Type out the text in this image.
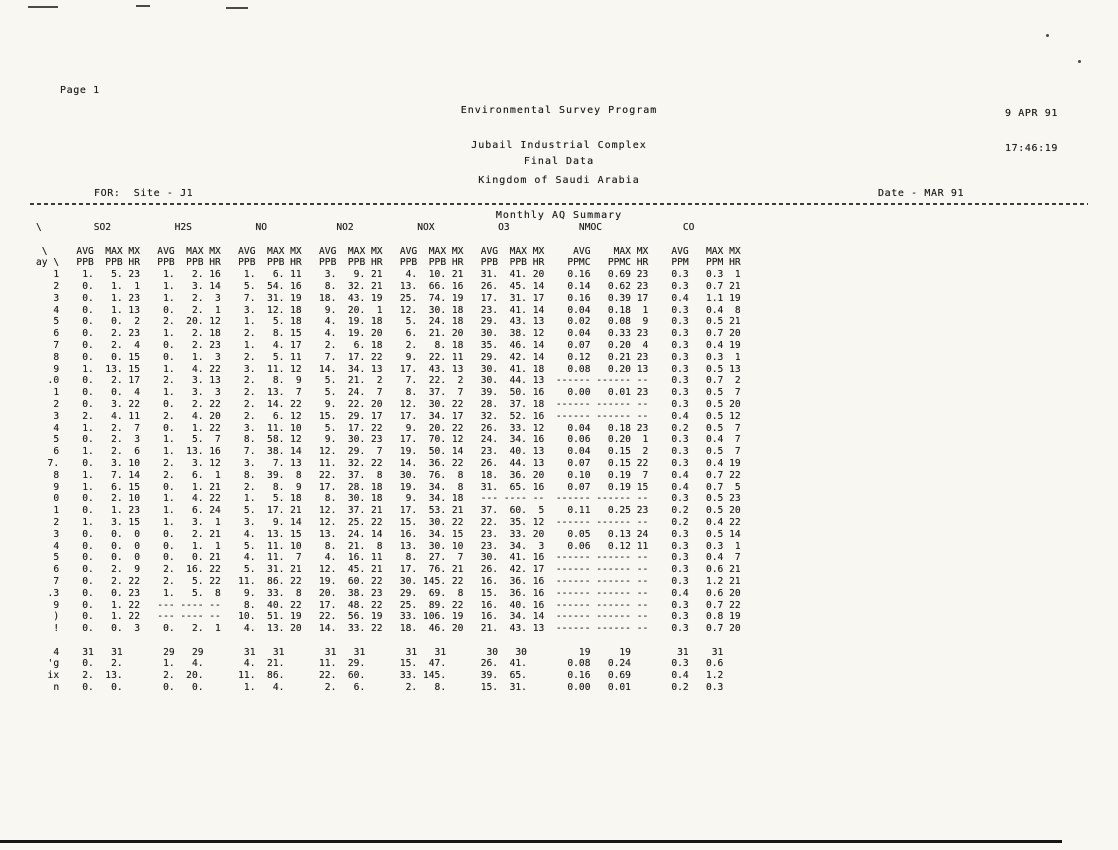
Page 1

Environmental Survey Program

Jubail Industrial Complex

Kingdom of Saudi Arabia

Monthly AQ Summary

9 APR 91

17:46:19

Final Data
FOR:  Site - J1	Date - MAR 91
\         SO2           H2S           NO            NO2           NOX           O3            NMOC              CO

\     AVG  MAX MX   AVG  MAX MX   AVG  MAX MX   AVG  MAX MX   AVG  MAX MX   AVG  MAX MX     AVG    MAX MX    AVG   MAX MX
ay \   PPB  PPB HR   PPB  PPB HR   PPB  PPB HR   PPB  PPB HR   PPB  PPB HR   PPB  PPB HR    PPMC   PPMC HR    PPM   PPM HR
1    1.   5. 23    1.   2. 16    1.   6. 11    3.   9. 21    4.  10. 21   31.  41. 20    0.16   0.69 23    0.3   0.3  1
2    0.   1.  1    1.   3. 14    5.  54. 16    8.  32. 21   13.  66. 16   26.  45. 14    0.14   0.62 23    0.3   0.7 21
3    0.   1. 23    1.   2.  3    7.  31. 19   18.  43. 19   25.  74. 19   17.  31. 17    0.16   0.39 17    0.4   1.1 19
4    0.   1. 13    0.   2.  1    3.  12. 18    9.  20.  1   12.  30. 18   23.  41. 14    0.04   0.18  1    0.3   0.4  8
5    0.   0.  2    2.  20. 12    1.   5. 18    4.  19. 18    5.  24. 18   29.  43. 13    0.02   0.08  9    0.3   0.5 21
6    0.   2. 23    1.   2. 18    2.   8. 15    4.  19. 20    6.  21. 20   30.  38. 12    0.04   0.33 23    0.3   0.7 20
7    0.   2.  4    0.   2. 23    1.   4. 17    2.   6. 18    2.   8. 18   35.  46. 14    0.07   0.20  4    0.3   0.4 19
8    0.   0. 15    0.   1.  3    2.   5. 11    7.  17. 22    9.  22. 11   29.  42. 14    0.12   0.21 23    0.3   0.3  1
9    1.  13. 15    1.   4. 22    3.  11. 12   14.  34. 13   17.  43. 13   30.  41. 18    0.08   0.20 13    0.3   0.5 13
.0    0.   2. 17    2.   3. 13    2.   8.  9    5.  21.  2    7.  22.  2   30.  44. 13  ------ ------ --    0.3   0.7  2
1    0.   0.  4    1.   3.  3    2.  13.  7    5.  24.  7    8.  37.  7   39.  50. 16    0.00   0.01 23    0.3   0.5  7
2    0.   3. 22    0.   2. 22    2.  14. 22    9.  22. 20   12.  30. 22   28.  37. 18  ------ ------ --    0.3   0.5 20
3    2.   4. 11    2.   4. 20    2.   6. 12   15.  29. 17   17.  34. 17   32.  52. 16  ------ ------ --    0.4   0.5 12
4    1.   2.  7    0.   1. 22    3.  11. 10    5.  17. 22    9.  20. 22   26.  33. 12    0.04   0.18 23    0.2   0.5  7
5    0.   2.  3    1.   5.  7    8.  58. 12    9.  30. 23   17.  70. 12   24.  34. 16    0.06   0.20  1    0.3   0.4  7
6    1.   2.  6    1.  13. 16    7.  38. 14   12.  29.  7   19.  50. 14   23.  40. 13    0.04   0.15  2    0.3   0.5  7
7.    0.   3. 10    2.   3. 12    3.   7. 13   11.  32. 22   14.  36. 22   26.  44. 13    0.07   0.15 22    0.3   0.4 19
8    1.   7. 14    2.   6.  1    8.  39.  8   22.  37.  8   30.  76.  8   18.  36. 20    0.10   0.19  7    0.4   0.7 22
9    1.   6. 15    0.   1. 21    2.   8.  9   17.  28. 18   19.  34.  8   31.  65. 16    0.07   0.19 15    0.4   0.7  5
0    0.   2. 10    1.   4. 22    1.   5. 18    8.  30. 18    9.  34. 18   --- ---- --  ------ ------ --    0.3   0.5 23
1    0.   1. 23    1.   6. 24    5.  17. 21   12.  37. 21   17.  53. 21   37.  60.  5    0.11   0.25 23    0.2   0.5 20
2    1.   3. 15    1.   3.  1    3.   9. 14   12.  25. 22   15.  30. 22   22.  35. 12  ------ ------ --    0.2   0.4 22
3    0.   0.  0    0.   2. 21    4.  13. 15   13.  24. 14   16.  34. 15   23.  33. 20    0.05   0.13 24    0.3   0.5 14
4    0.   0.  0    0.   1.  1    5.  11. 10    8.  21.  8   13.  30. 10   23.  34.  3    0.06   0.12 11    0.3   0.3  1
5    0.   0.  0    0.   0. 21    4.  11.  7    4.  16. 11    8.  27.  7   30.  41. 16  ------ ------ --    0.3   0.4  7
6    0.   2.  9    2.  16. 22    5.  31. 21   12.  45. 21   17.  76. 21   26.  42. 17  ------ ------ --    0.3   0.6 21
7    0.   2. 22    2.   5. 22   11.  86. 22   19.  60. 22   30. 145. 22   16.  36. 16  ------ ------ --    0.3   1.2 21
.3    0.   0. 23    1.   5.  8    9.  33.  8   20.  38. 23   29.  69.  8   15.  36. 16  ------ ------ --    0.4   0.6 20
9    0.   1. 22   --- ---- --    8.  40. 22   17.  48. 22   25.  89. 22   16.  40. 16  ------ ------ --    0.3   0.7 22
)    0.   1. 22   --- ---- --   10.  51. 19   22.  56. 19   33. 106. 19   16.  34. 14  ------ ------ --    0.3   0.8 19
!    0.   0.  3    0.   2.  1    4.  13. 20   14.  33. 22   18.  46. 20   21.  43. 13  ------ ------ --    0.3   0.7 20

4    31   31       29   29       31   31       31   31       31   31       30   30         19     19        31    31
'g    0.   2.       1.   4.       4.  21.      11.  29.      15.  47.      26.  41.       0.08   0.24       0.3   0.6
ix    2.  13.       2.  20.      11.  86.      22.  60.      33. 145.      39.  65.       0.16   0.69       0.4   1.2
n    0.   0.       0.   0.       1.   4.       2.   6.       2.   8.      15.  31.       0.00   0.01       0.2   0.3
